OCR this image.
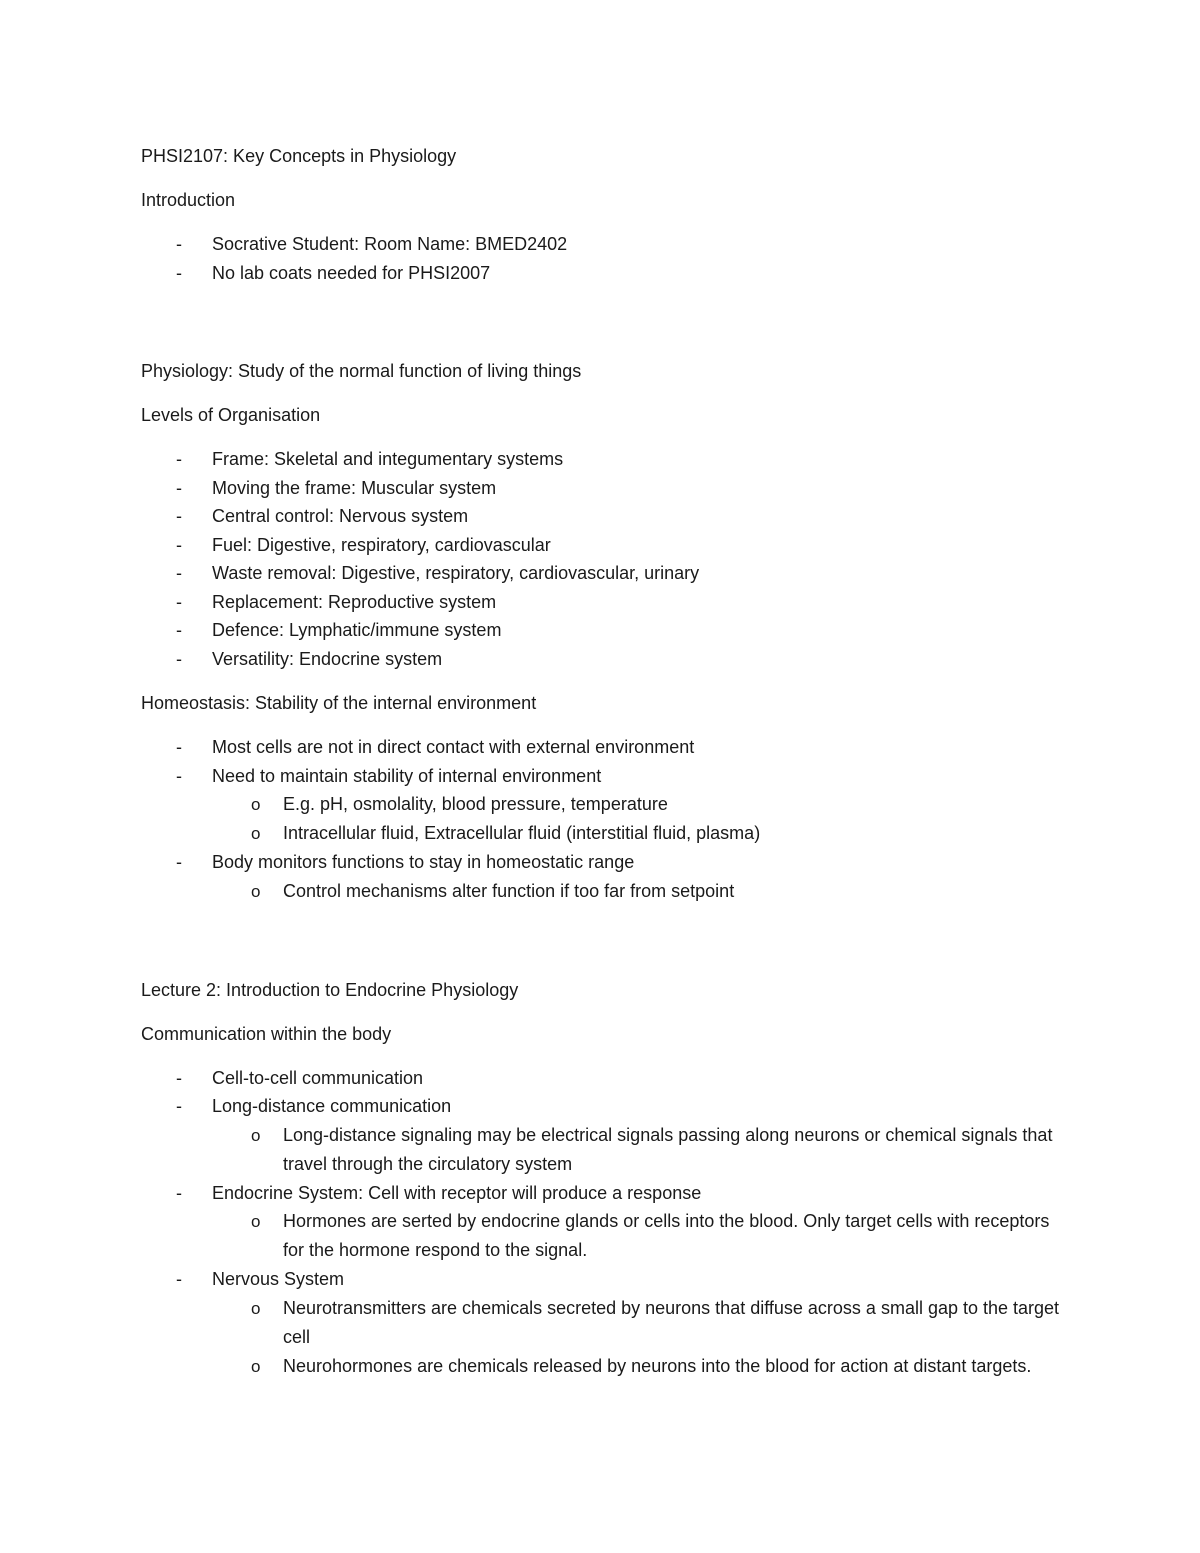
PHSI2107: Key Concepts in Physiology

Introduction

- Socrative Student: Room Name: BMED2402
- No lab coats needed for PHSI2007

Physiology: Study of the normal function of living things

Levels of Organisation

- Frame: Skeletal and integumentary systems
- Moving the frame: Muscular system
- Central control: Nervous system
- Fuel: Digestive, respiratory, cardiovascular
- Waste removal: Digestive, respiratory, cardiovascular, urinary
- Replacement: Reproductive system
- Defence: Lymphatic/immune system
- Versatility: Endocrine system

Homeostasis: Stability of the internal environment

- Most cells are not in direct contact with external environment
- Need to maintain stability of internal environment
o E.g. pH, osmolality, blood pressure, temperature
o Intracellular fluid, Extracellular fluid (interstitial fluid, plasma)
- Body monitors functions to stay in homeostatic range
o Control mechanisms alter function if too far from setpoint

Lecture 2: Introduction to Endocrine Physiology

Communication within the body

- Cell-to-cell communication
- Long-distance communication
o Long-distance signaling may be electrical signals passing along neurons or chemical signals that travel through the circulatory system
- Endocrine System: Cell with receptor will produce a response
o Hormones are serted by endocrine glands or cells into the blood. Only target cells with receptors for the hormone respond to the signal.
- Nervous System
o Neurotransmitters are chemicals secreted by neurons that diffuse across a small gap to the target cell
o Neurohormones are chemicals released by neurons into the blood for action at distant targets.
